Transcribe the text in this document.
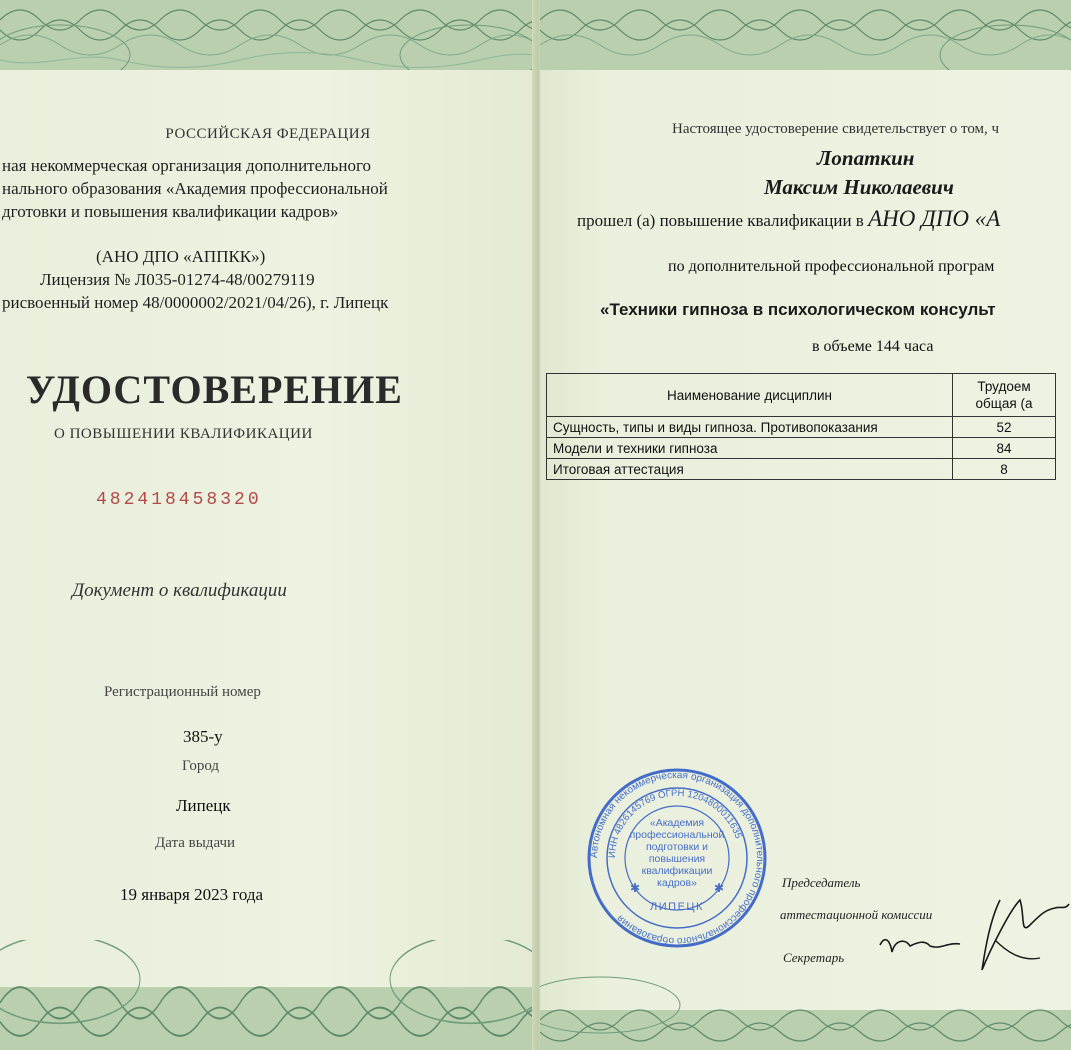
РОССИЙСКАЯ ФЕДЕРАЦИЯ
ная некоммерческая организация дополнительного
нального образования «Академия профессиональной
дготовки и повышения квалификации кадров»
(АНО ДПО «АППКК»)
Лицензия № Л035-01274-48/00279119
рисвоенный номер 48/0000002/2021/04/26), г. Липецк
УДОСТОВЕРЕНИЕ
О ПОВЫШЕНИИ КВАЛИФИКАЦИИ
482418458320
Документ о квалификации
Регистрационный номер
385-у
Город
Липецк
Дата выдачи
19 января 2023 года
Настоящее удостоверение свидетельствует о том, ч
Лопаткин
Максим Николаевич
прошел (а) повышение квалификации в АНО ДПО «А
по дополнительной профессиональной програм
«Техники гипноза в психологическом консульт
в объеме 144 часа
Наименование дисциплин	Трудоем
общая (а
Сущность, типы и виды гипноза. Противопоказания	52
Модели и техники гипноза	84
Итоговая аттестация	8
Автономная некоммерческая организация дополнительного профессионального образования
ИНН 4826145769 ОГРН 1204800011635
«Академия
профессиональной
подготовки и
повышения
квалификации
кадров»
ЛИПЕЦК
✱	✱	Председатель
аттестационной комиссии
Секретарь
